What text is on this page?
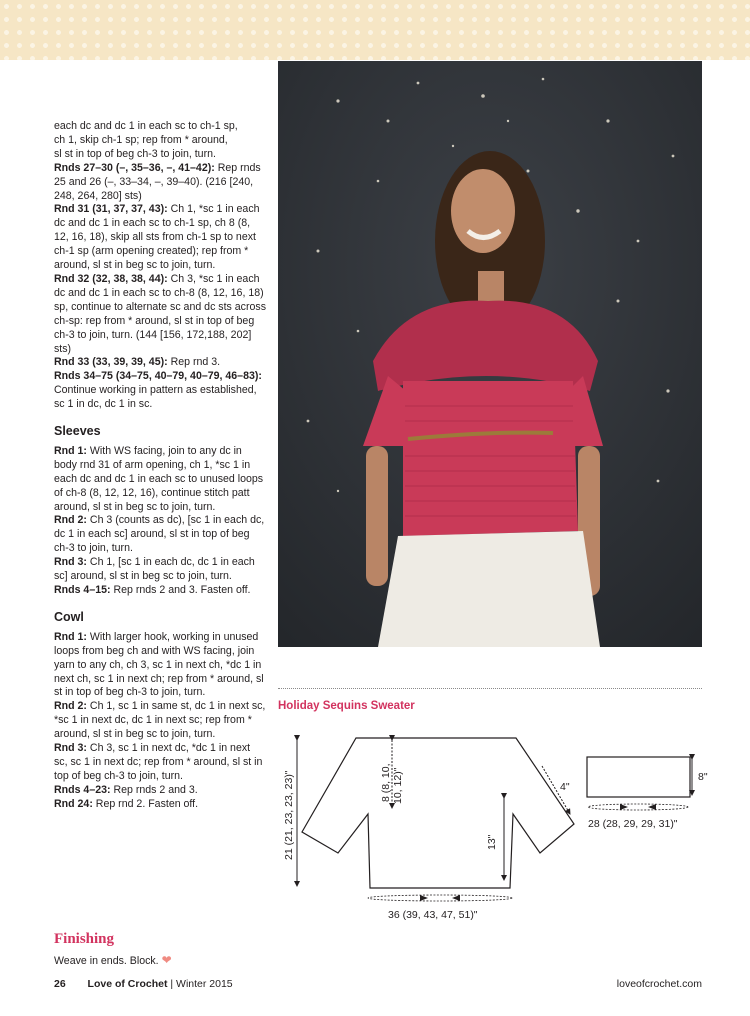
each dc and dc 1 in each sc to ch-1 sp,

ch 1, skip ch-1 sp; rep from * around,

sl st in top of beg ch-3 to join, turn.

Rnds 27–30 (–, 35–36, –, 41–42): Rep rnds 25 and 26 (–, 33–34, –, 39–40). (216 [240, 248, 264, 280] sts)

Rnd 31 (31, 37, 37, 43): Ch 1, *sc 1 in each dc and dc 1 in each sc to ch-1 sp, ch 8 (8, 12, 16, 18), skip all sts from ch-1 sp to next ch-1 sp (arm opening created); rep from * around, sl st in beg sc to join, turn.

Rnd 32 (32, 38, 38, 44): Ch 3, *sc 1 in each dc and dc 1 in each sc to ch-8 (8, 12, 16, 18) sp, continue to alternate sc and dc sts across ch-sp: rep from * around, sl st in top of beg ch-3 to join, turn. (144 [156, 172,188, 202] sts)

Rnd 33 (33, 39, 39, 45): Rep rnd 3.

Rnds 34–75 (34–75, 40–79, 40–79, 46–83): Continue working in pattern as established, sc 1 in dc, dc 1 in sc.

Sleeves

Rnd 1: With WS facing, join to any dc in body rnd 31 of arm opening, ch 1, *sc 1 in each dc and dc 1 in each sc to unused loops of ch-8 (8, 12, 12, 16), continue stitch patt around, sl st in beg sc to join, turn.

Rnd 2: Ch 3 (counts as dc), [sc 1 in each dc, dc 1 in each sc] around, sl st in top of beg ch-3 to join, turn.

Rnd 3: Ch 1, [sc 1 in each dc, dc 1 in each sc] around, sl st in beg sc to join, turn.

Rnds 4–15: Rep rnds 2 and 3. Fasten off.

Cowl

Rnd 1: With larger hook, working in unused loops from beg ch and with WS facing, join yarn to any ch, ch 3, sc 1 in next ch, *dc 1 in next ch, sc 1 in next ch; rep from * around, sl st in top of beg ch-3 to join, turn.

Rnd 2: Ch 1, sc 1 in same st, dc 1 in next sc, *sc 1 in next dc, dc 1 in next sc; rep from * around, sl st in beg sc to join, turn.

Rnd 3: Ch 3, sc 1 in next dc, *dc 1 in next sc, sc 1 in next dc; rep from * around, sl st in top of beg ch-3 to join, turn.

Rnds 4–23: Rep rnds 2 and 3.

Rnd 24: Rep rnd 2. Fasten off.

Finishing
Weave in ends. Block. ❤
Holiday Sequins Sweater
21 (21, 23, 23, 23)"	8 (8, 10, 10, 12)"	4"
13"
36 (39, 43, 47, 51)"
8"
28 (28, 29, 29, 31)"
26 Love of Crochet | Winter 2015	loveofcrochet.com
